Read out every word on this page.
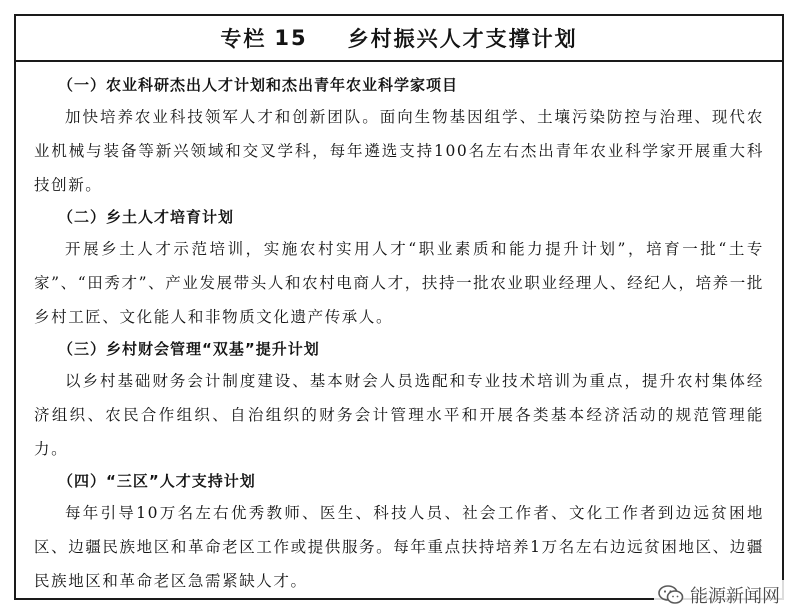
专栏 15 乡村振兴人才支撑计划
（一）农业科研杰出人才计划和杰出青年农业科学家项目

加快培养农业科技领军人才和创新团队。面向生物基因组学、土壤污染防控与治理、现代农业机械与装备等新兴领域和交叉学科，每年遴选支持100名左右杰出青年农业科学家开展重大科技创新。

（二）乡土人才培育计划

开展乡土人才示范培训，实施农村实用人才“职业素质和能力提升计划”，培育一批“土专家”、“田秀才”、产业发展带头人和农村电商人才，扶持一批农业职业经理人、经纪人，培养一批乡村工匠、文化能人和非物质文化遗产传承人。

（三）乡村财会管理“双基”提升计划

以乡村基础财务会计制度建设、基本财会人员选配和专业技术培训为重点，提升农村集体经济组织、农民合作组织、自治组织的财务会计管理水平和开展各类基本经济活动的规范管理能力。

（四）“三区”人才支持计划

每年引导10万名左右优秀教师、医生、科技人员、社会工作者、文化工作者到边远贫困地区、边疆民族地区和革命老区工作或提供服务。每年重点扶持培养1万名左右边远贫困地区、边疆民族地区和革命老区急需紧缺人才。

能源新闻网
